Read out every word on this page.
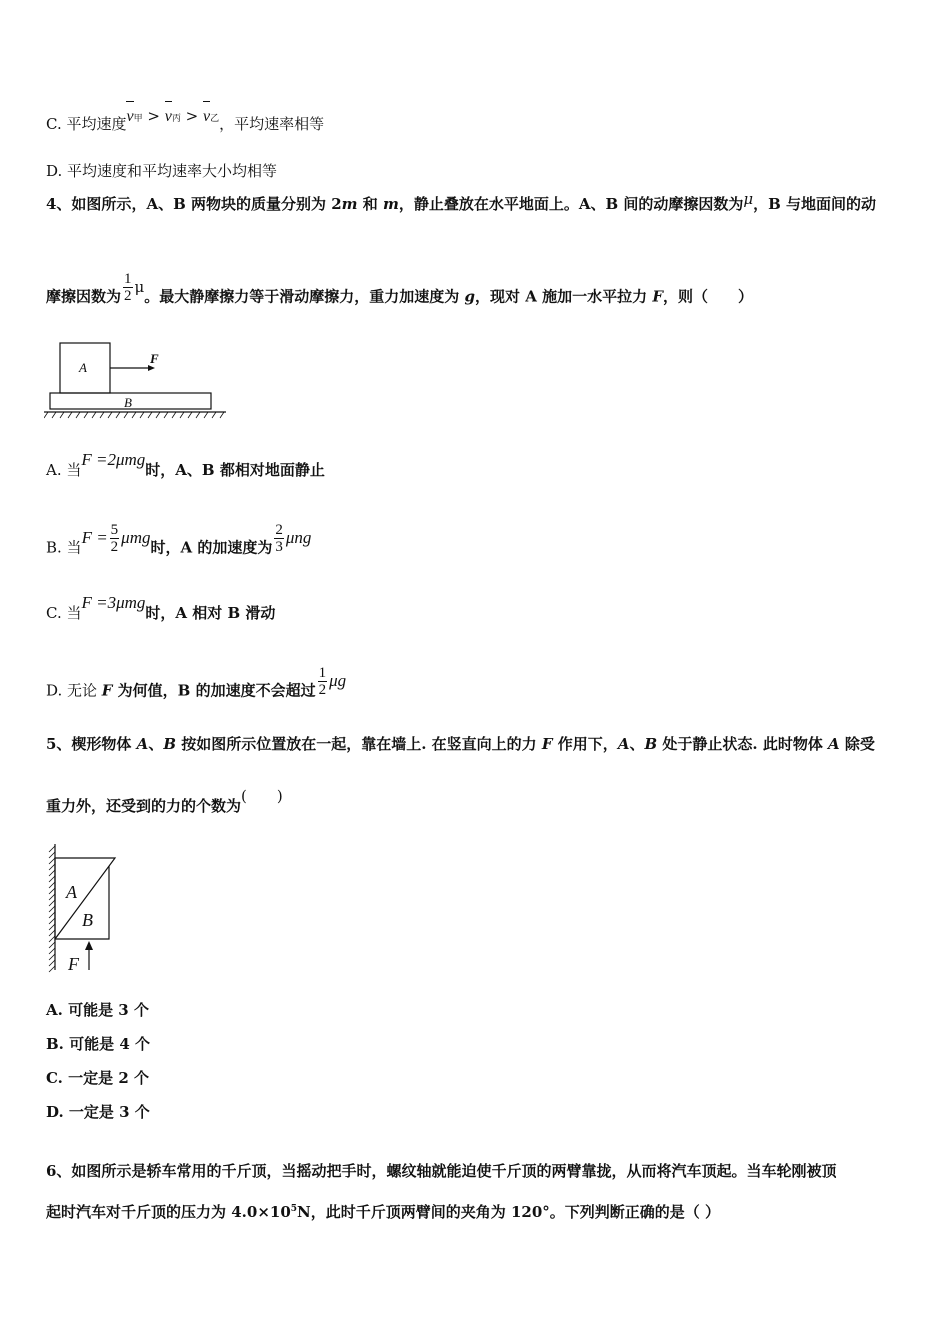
C. 平均速度v甲 > v丙 > v乙，平均速率相等
D. 平均速度和平均速率大小均相等
4、如图所示，A、B 两物块的质量分别为 2m 和 m，静止叠放在水平地面上。A、B 间的动摩擦因数为μ，B 与地面间的动
摩擦因数为 $\frac{1}{2}$ μ。最大静摩擦力等于滑动摩擦力，重力加速度为 g，现对 A 施加一水平拉力 F，则（　　）
A
B
F
A. 当F =2μmg时，A、B 都相对地面静止
B. 当$F = \frac{5}{2}$ μmg时，A 的加速度为 $\frac{2}{3}$ μng
C. 当F =3μmg时，A 相对 B 滑动
D. 无论 F 为何值，B 的加速度不会超过 $\frac{1}{2}$ μg
5、楔形物体 A、B 按如图所示位置放在一起，靠在墙上. 在竖直向上的力 F 作用下，A、B 处于静止状态. 此时物体 A 除受
重力外，还受到的力的个数为(　　)
A
B
F
A. 可能是 3 个
B. 可能是 4 个
C. 一定是 2 个
D. 一定是 3 个
6、如图所示是轿车常用的千斤顶，当摇动把手时，螺纹轴就能迫使千斤顶的两臂靠拢，从而将汽车顶起。当车轮刚被顶
起时汽车对千斤顶的压力为 $4.0\times 10^5N$，此时千斤顶两臂间的夹角为 120°。下列判断正确的是（ ）
